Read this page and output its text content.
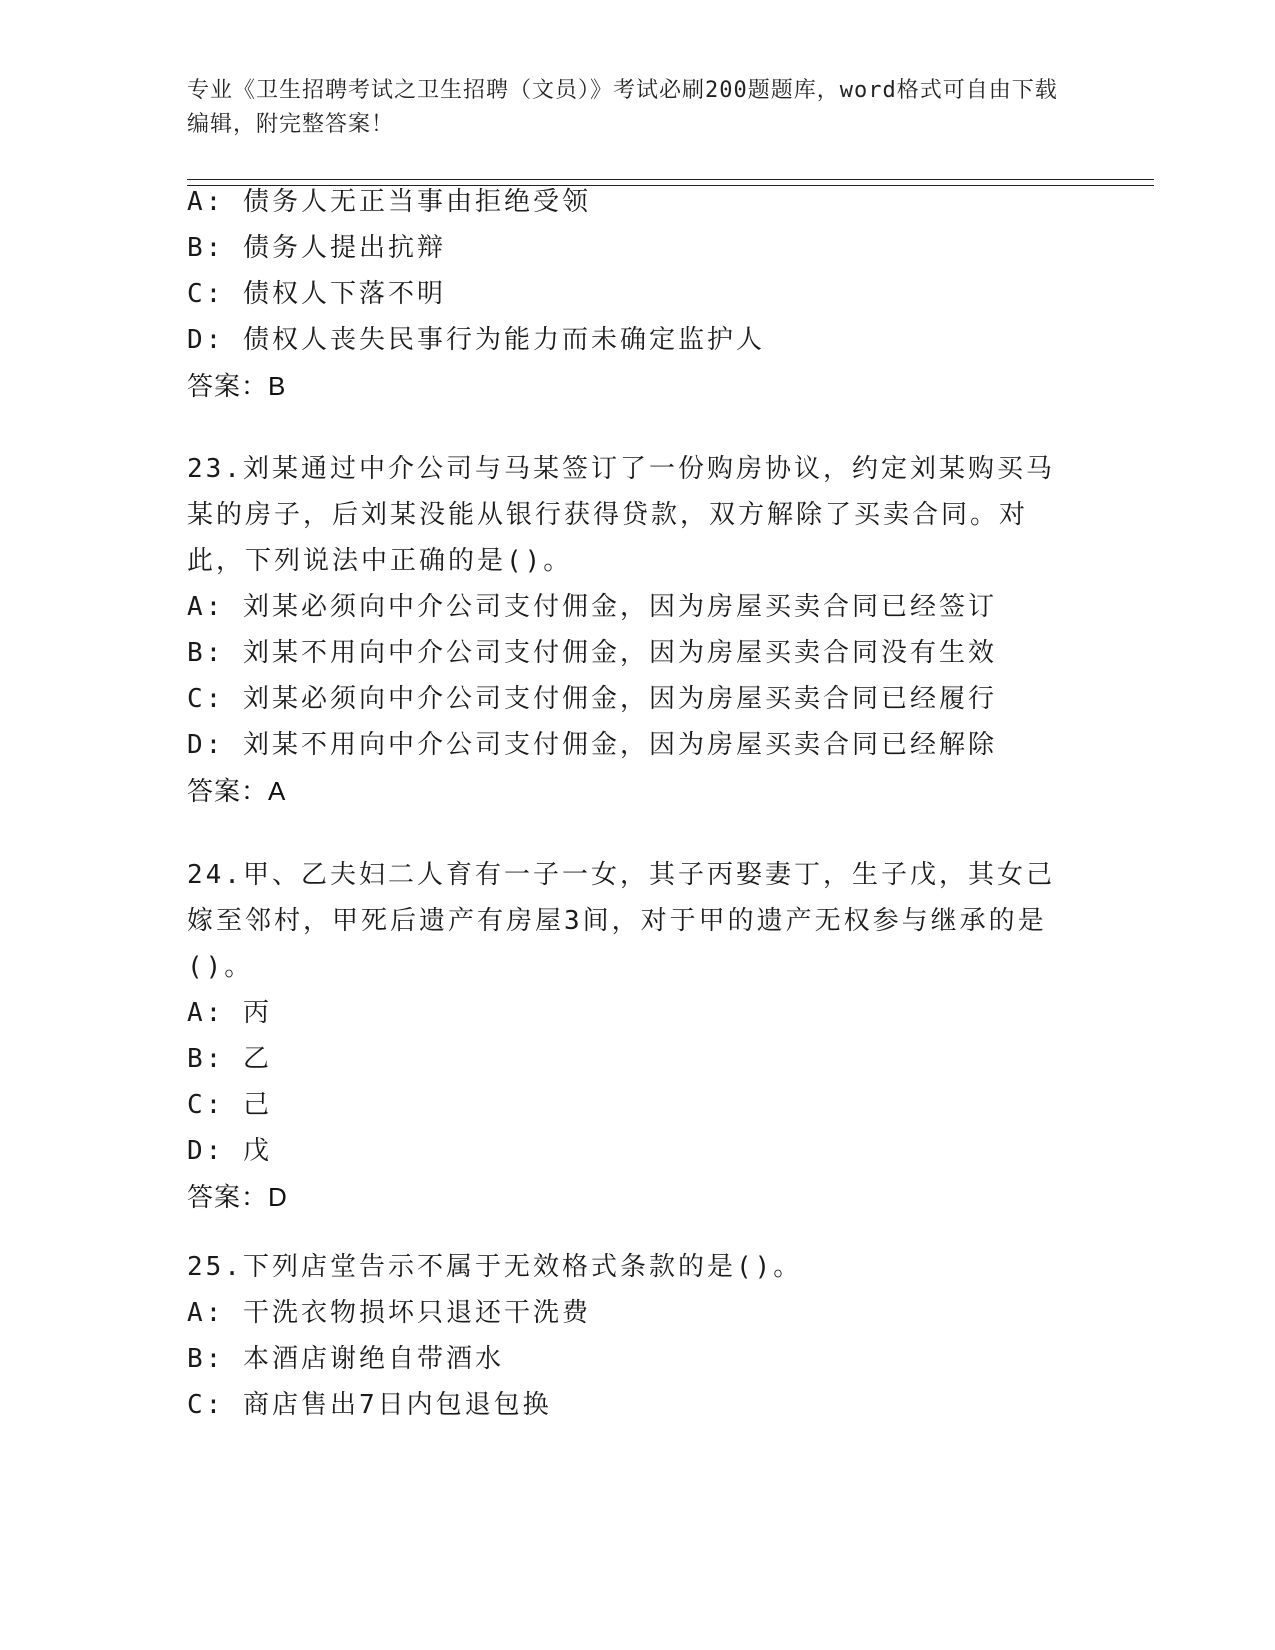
专业《卫生招聘考试之卫生招聘（文员）》考试必刷200题题库，word格式可自由下载编辑，附完整答案！
A: 债务人无正当事由拒绝受领
B: 债务人提出抗辩
C: 债权人下落不明
D: 债权人丧失民事行为能力而未确定监护人
答案：B
23.刘某通过中介公司与马某签订了一份购房协议，约定刘某购买马某的房子，后刘某没能从银行获得贷款，双方解除了买卖合同。对此，下列说法中正确的是()。
A: 刘某必须向中介公司支付佣金，因为房屋买卖合同已经签订
B: 刘某不用向中介公司支付佣金，因为房屋买卖合同没有生效
C: 刘某必须向中介公司支付佣金，因为房屋买卖合同已经履行
D: 刘某不用向中介公司支付佣金，因为房屋买卖合同已经解除
答案：A
24.甲、乙夫妇二人育有一子一女，其子丙娶妻丁，生子戊，其女己嫁至邻村，甲死后遗产有房屋3间，对于甲的遗产无权参与继承的是()。
A: 丙
B: 乙
C: 己
D: 戊
答案：D
25.下列店堂告示不属于无效格式条款的是()。
A: 干洗衣物损坏只退还干洗费
B: 本酒店谢绝自带酒水
C: 商店售出7日内包退包换
